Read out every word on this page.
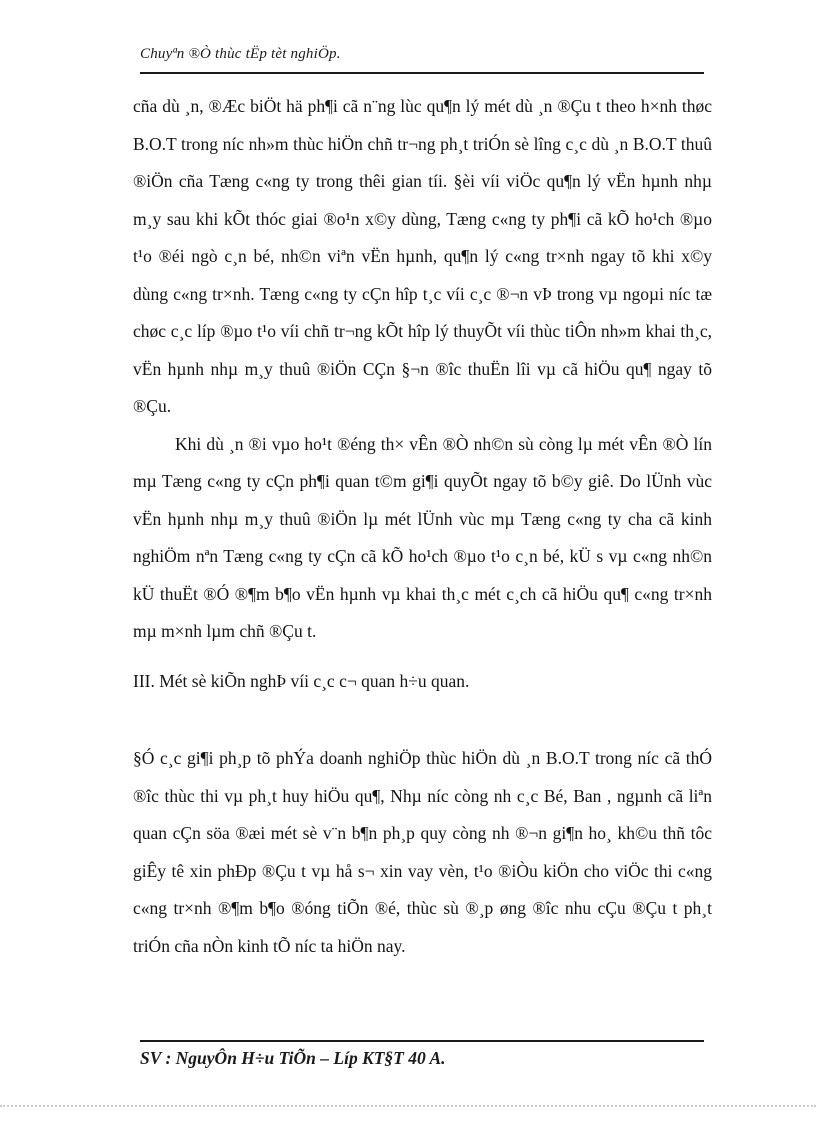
Chuyªn ®Ò thùc tËp tèt nghiÖp.

cña dù ¸n, ®Æc biÖt hä ph¶i cã n¨ng lùc qu¶n lý mét dù ¸n ®Çu t theo h×nh thøc B.O.T trong níc nh»m thùc hiÖn chñ tr¬ng ph¸t triÓn sè lîng c¸c dù ¸n B.O.T thuû ®iÖn cña Tæng c«ng ty trong thêi gian tíi. §èi víi viÖc qu¶n lý vËn hµnh nhµ m¸y sau khi kÕt thóc giai ®o¹n x©y dùng, Tæng c«ng ty ph¶i cã kÕ ho¹ch ®µo t¹o ®éi ngò c¸n bé, nh©n viªn vËn hµnh, qu¶n lý c«ng tr×nh ngay tõ khi x©y dùng c«ng tr×nh. Tæng c«ng ty cÇn hîp t¸c víi c¸c ®¬n vÞ trong vµ ngoµi níc tæ chøc c¸c líp ®µo t¹o víi chñ tr¬ng kÕt hîp lý thuyÕt víi thùc tiÔn nh»m khai th¸c, vËn hµnh nhµ m¸y thuû ®iÖn CÇn §¬n ®îc thuËn lîi vµ cã hiÖu qu¶ ngay tõ ®Çu.

Khi dù ¸n ®i vµo ho¹t ®éng th× vÊn ®Ò nh©n sù còng lµ mét vÊn ®Ò lín mµ Tæng c«ng ty cÇn ph¶i quan t©m gi¶i quyÕt ngay tõ b©y giê. Do lÜnh vùc vËn hµnh nhµ m¸y thuû ®iÖn lµ mét lÜnh vùc mµ Tæng c«ng ty cha cã kinh nghiÖm nªn Tæng c«ng ty cÇn cã kÕ ho¹ch ®µo t¹o c¸n bé, kÜ s vµ c«ng nh©n kÜ thuËt ®Ó ®¶m b¶o vËn hµnh vµ khai th¸c mét c¸ch cã hiÖu qu¶ c«ng tr×nh mµ m×nh lµm chñ ®Çu t.

III. Mét sè kiÕn nghÞ víi c¸c c¬ quan h÷u quan.

§Ó c¸c gi¶i ph¸p tõ phÝa doanh nghiÖp thùc hiÖn dù ¸n B.O.T trong níc cã thÓ ®îc thùc thi vµ ph¸t huy hiÖu qu¶, Nhµ níc còng nh c¸c Bé, Ban , ngµnh cã liªn quan cÇn söa ®æi mét sè v¨n b¶n ph¸p quy còng nh ®¬n gi¶n ho¸ kh©u thñ tôc giÊy tê xin phÐp ®Çu t vµ hå s¬ xin vay vèn, t¹o ®iÒu kiÖn cho viÖc thi c«ng c«ng tr×nh ®¶m b¶o ®óng tiÕn ®é, thùc sù ®¸p øng ®îc nhu cÇu ®Çu t ph¸t triÓn cña nÒn kinh tÕ níc ta hiÖn nay.

SV : NguyÔn H÷u TiÕn – Líp KT§T 40 A.
